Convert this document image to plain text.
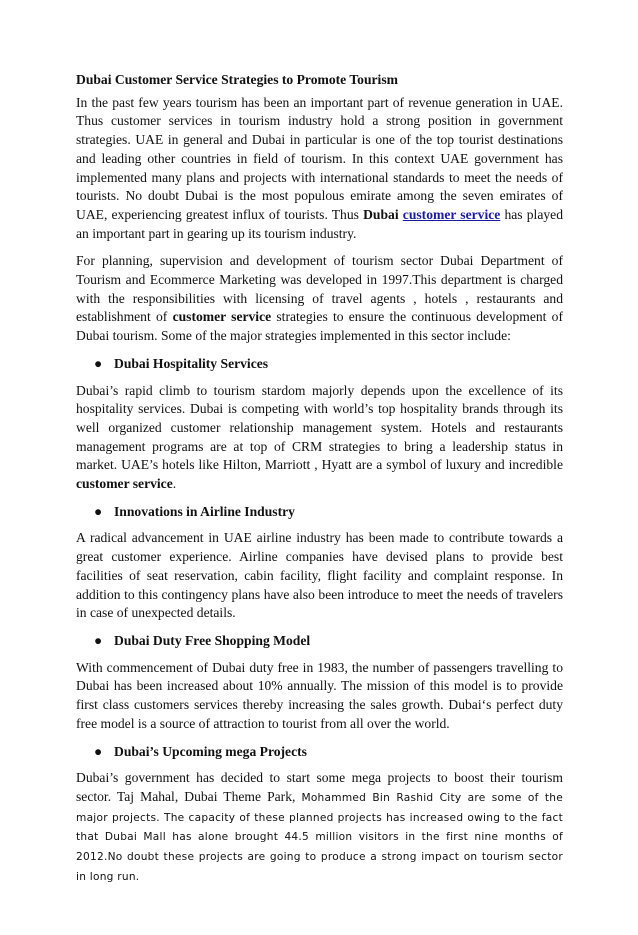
Dubai Customer Service Strategies to Promote Tourism
In the past few years tourism has been an important part of revenue generation in UAE. Thus customer services in tourism industry hold a strong position in government strategies. UAE in general and Dubai in particular is one of the top tourist destinations and leading other countries in field of tourism. In this context UAE government has implemented many plans and projects with international standards to meet the needs of tourists. No doubt Dubai is the most populous emirate among the seven emirates of UAE, experiencing greatest influx of tourists. Thus Dubai customer service has played an important part in gearing up its tourism industry.
For planning, supervision and development of tourism sector Dubai Department of Tourism and Ecommerce Marketing was developed in 1997.This department is charged with the responsibilities with licensing of travel agents , hotels , restaurants and establishment of customer service strategies to ensure the continuous development of Dubai tourism. Some of the major strategies implemented in this sector include:
● Dubai Hospitality Services
Dubai’s rapid climb to tourism stardom majorly depends upon the excellence of its hospitality services. Dubai is competing with world’s top hospitality brands through its well organized customer relationship management system. Hotels and restaurants management programs are at top of CRM strategies to bring a leadership status in market. UAE’s hotels like Hilton, Marriott , Hyatt are a symbol of luxury and incredible customer service.
● Innovations in Airline Industry
A radical advancement in UAE airline industry has been made to contribute towards a great customer experience. Airline companies have devised plans to provide best facilities of seat reservation, cabin facility, flight facility and complaint response. In addition to this contingency plans have also been introduce to meet the needs of travelers in case of unexpected details.
● Dubai Duty Free Shopping Model
With commencement of Dubai duty free in 1983, the number of passengers travelling to Dubai has been increased about 10% annually. The mission of this model is to provide first class customers services thereby increasing the sales growth. Dubai‘s perfect duty free model is a source of attraction to tourist from all over the world.
● Dubai’s Upcoming mega Projects
Dubai’s government has decided to start some mega projects to boost their tourism sector. Taj Mahal, Dubai Theme Park, Mohammed Bin Rashid City are some of the major projects. The capacity of these planned projects has increased owing to the fact that Dubai Mall has alone brought 44.5 million visitors in the first nine months of 2012.No doubt these projects are going to produce a strong impact on tourism sector in long run.
